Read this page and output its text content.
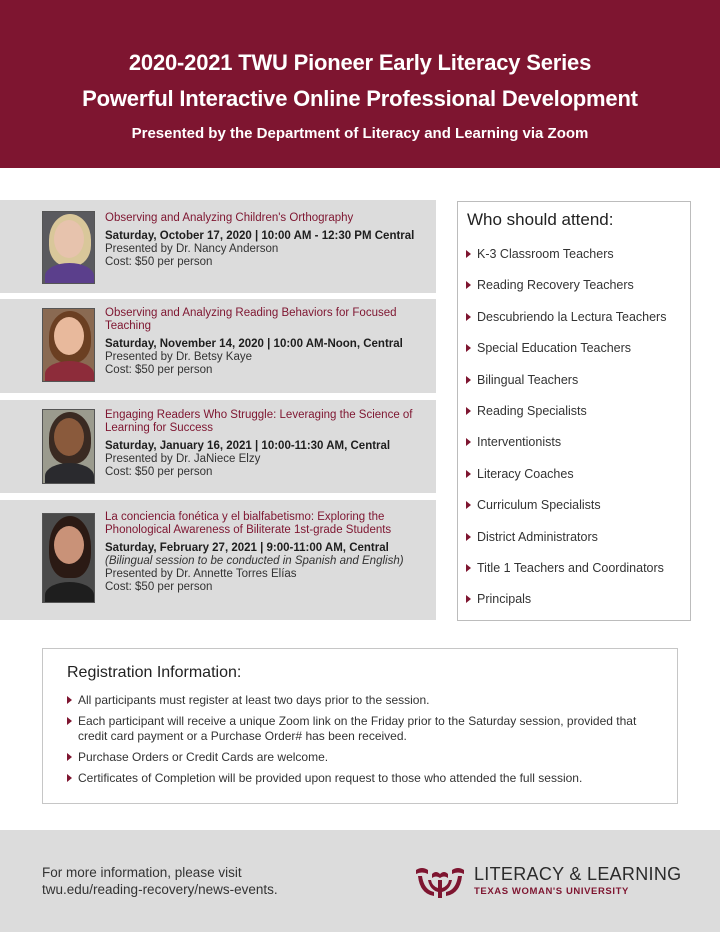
2020-2021 TWU Pioneer Early Literacy Series
Powerful Interactive Online Professional Development
Presented by the Department of Literacy and Learning via Zoom
Observing and Analyzing Children's Orthography
Saturday, October 17, 2020 | 10:00 AM - 12:30 PM Central
Presented by Dr. Nancy Anderson
Cost: $50 per person
Observing and Analyzing Reading Behaviors for Focused Teaching
Saturday, November 14, 2020 | 10:00 AM-Noon, Central
Presented by Dr. Betsy Kaye
Cost: $50 per person
Engaging Readers Who Struggle: Leveraging the Science of Learning for Success
Saturday, January 16, 2021 | 10:00-11:30 AM, Central
Presented by Dr. JaNiece Elzy
Cost: $50 per person
La conciencia fonética y el bialfabetismo: Exploring the Phonological Awareness of Biliterate 1st-grade Students
Saturday, February 27, 2021 | 9:00-11:00 AM, Central
(Bilingual session to be conducted in Spanish and English)
Presented by Dr. Annette Torres Elías
Cost: $50 per person
Who should attend:
K-3 Classroom Teachers
Reading Recovery Teachers
Descubriendo la Lectura Teachers
Special Education Teachers
Bilingual Teachers
Reading Specialists
Interventionists
Literacy Coaches
Curriculum Specialists
District Administrators
Title 1 Teachers and Coordinators
Principals
Registration Information:
All participants must register at least two days prior to the session.
Each participant will receive a unique Zoom link on the Friday prior to the Saturday session, provided that credit card payment or a Purchase Order# has been received.
Purchase Orders or Credit Cards are welcome.
Certificates of Completion will be provided upon request to those who attended the full session.
For more information, please visit
twu.edu/reading-recovery/news-events.
LITERACY & LEARNING
TEXAS WOMAN'S UNIVERSITY
